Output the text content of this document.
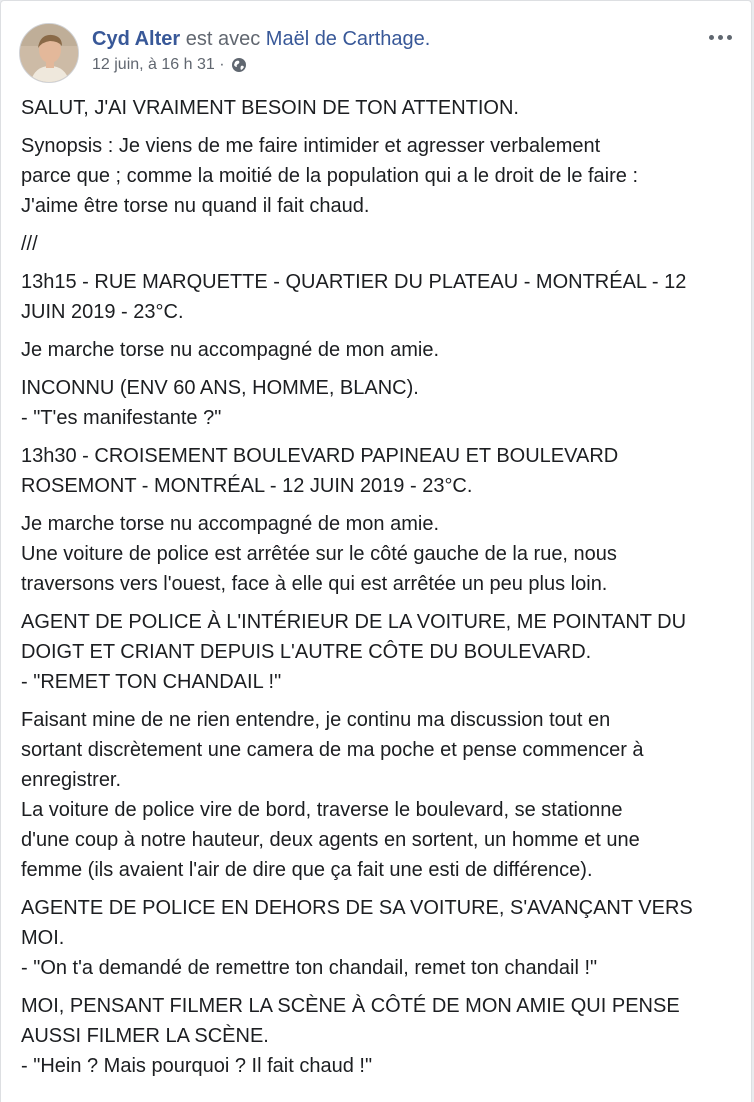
Cyd Alter est avec Maël de Carthage.
12 juin, à 16 h 31 ·

SALUT, J'AI VRAIMENT BESOIN DE TON ATTENTION.

Synopsis : Je viens de me faire intimider et agresser verbalement
parce que ; comme la moitié de la population qui a le droit de le faire :
J'aime être torse nu quand il fait chaud.

///

13h15 - RUE MARQUETTE - QUARTIER DU PLATEAU - MONTRÉAL - 12
JUIN 2019 - 23°C.

Je marche torse nu accompagné de mon amie.

INCONNU (ENV 60 ANS, HOMME, BLANC).
- "T'es manifestante ?"

13h30 - CROISEMENT BOULEVARD PAPINEAU ET BOULEVARD
ROSEMONT - MONTRÉAL - 12 JUIN 2019 - 23°C.

Je marche torse nu accompagné de mon amie.
Une voiture de police est arrêtée sur le côté gauche de la rue, nous
traversons vers l'ouest, face à elle qui est arrêtée un peu plus loin.

AGENT DE POLICE À L'INTÉRIEUR DE LA VOITURE, ME POINTANT DU
DOIGT ET CRIANT DEPUIS L'AUTRE CÔTE DU BOULEVARD.
- "REMET TON CHANDAIL !"

Faisant mine de ne rien entendre, je continu ma discussion tout en
sortant discrètement une camera de ma poche et pense commencer à
enregistrer.
La voiture de police vire de bord, traverse le boulevard, se stationne
d'une coup à notre hauteur, deux agents en sortent, un homme et une
femme (ils avaient l'air de dire que ça fait une esti de différence).

AGENTE DE POLICE EN DEHORS DE SA VOITURE, S'AVANÇANT VERS
MOI.
- "On t'a demandé de remettre ton chandail, remet ton chandail !"

MOI, PENSANT FILMER LA SCÈNE À CÔTÉ DE MON AMIE QUI PENSE
AUSSI FILMER LA SCÈNE.
- "Hein ? Mais pourquoi ? Il fait chaud !"
